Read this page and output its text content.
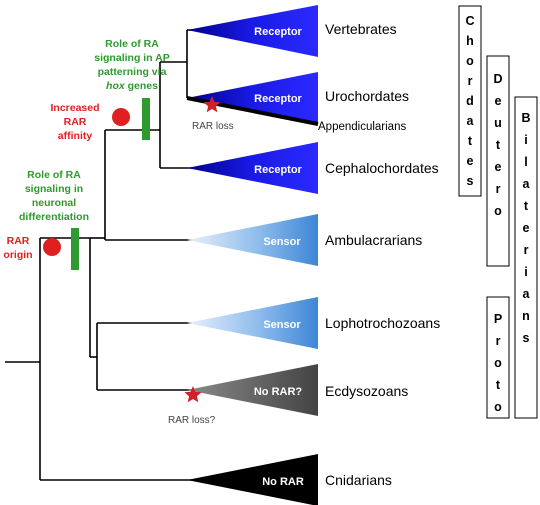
Receptor
Receptor
Receptor
Sensor
Sensor
No RAR?
No RAR
Vertebrates
Urochordates
Appendicularians
Cephalochordates
Ambulacrarians
Lophotrochozoans
Ecdysozoans
Cnidarians
RAR loss
RAR loss?
RAR
origin
Increased
RAR
affinity
Role of RA
signaling in
neuronal
differentiation
Role of RA
signaling in AP
patterning via
hox genes
C
h
o
r
d
a
t
e
s
D
e
u
t
e
r
o
B
i
l
a
t
e
r
i
a
n
s
P
r
o
t
o
